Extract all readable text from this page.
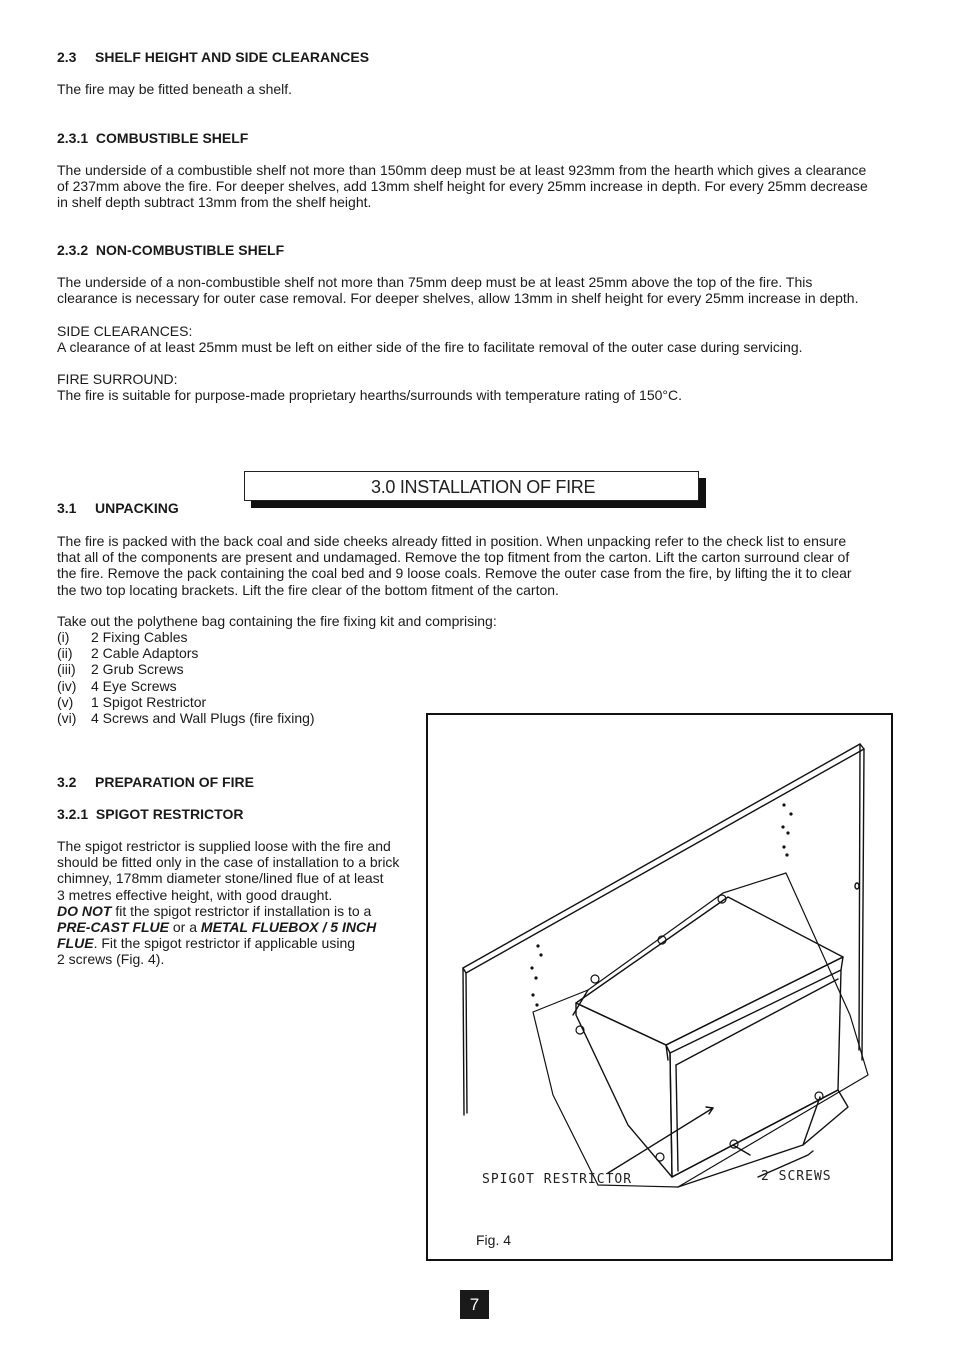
2.3 SHELF HEIGHT AND SIDE CLEARANCES
The fire may be fitted beneath a shelf.
2.3.1 COMBUSTIBLE SHELF
The underside of a combustible shelf not more than 150mm deep must be at least 923mm from the hearth which gives a clearance
of 237mm above the fire. For deeper shelves, add 13mm shelf height for every 25mm increase in depth. For every 25mm decrease
in shelf depth subtract 13mm from the shelf height.
2.3.2 NON-COMBUSTIBLE SHELF
The underside of a non-combustible shelf not more than 75mm deep must be at least 25mm above the top of the fire. This
clearance is necessary for outer case removal. For deeper shelves, allow 13mm in shelf height for every 25mm increase in depth.
SIDE CLEARANCES:
A clearance of at least 25mm must be left on either side of the fire to facilitate removal of the outer case during servicing.
FIRE SURROUND:
The fire is suitable for purpose-made proprietary hearths/surrounds with temperature rating of 150°C.
3.0 INSTALLATION OF FIRE
3.1 UNPACKING
The fire is packed with the back coal and side cheeks already fitted in position. When unpacking refer to the check list to ensure
that all of the components are present and undamaged. Remove the top fitment from the carton. Lift the carton surround clear of
the fire. Remove the pack containing the coal bed and 9 loose coals. Remove the outer case from the fire, by lifting the it to clear
the two top locating brackets. Lift the fire clear of the bottom fitment of the carton.
Take out the polythene bag containing the fire fixing kit and comprising:
(i) 2 Fixing Cables
(ii) 2 Cable Adaptors
(iii) 2 Grub Screws
(iv) 4 Eye Screws
(v) 1 Spigot Restrictor
(vi) 4 Screws and Wall Plugs (fire fixing)
3.2 PREPARATION OF FIRE
3.2.1 SPIGOT RESTRICTOR
The spigot restrictor is supplied loose with the fire and
should be fitted only in the case of installation to a brick
chimney, 178mm diameter stone/lined flue of at least
3 metres effective height, with good draught.
DO NOT fit the spigot restrictor if installation is to a
PRE-CAST FLUE or a METAL FLUEBOX / 5 INCH
FLUE. Fit the spigot restrictor if applicable using
2 screws (Fig. 4).
SPIGOT RESTRICTOR	2 SCREWS
Fig. 4
7
